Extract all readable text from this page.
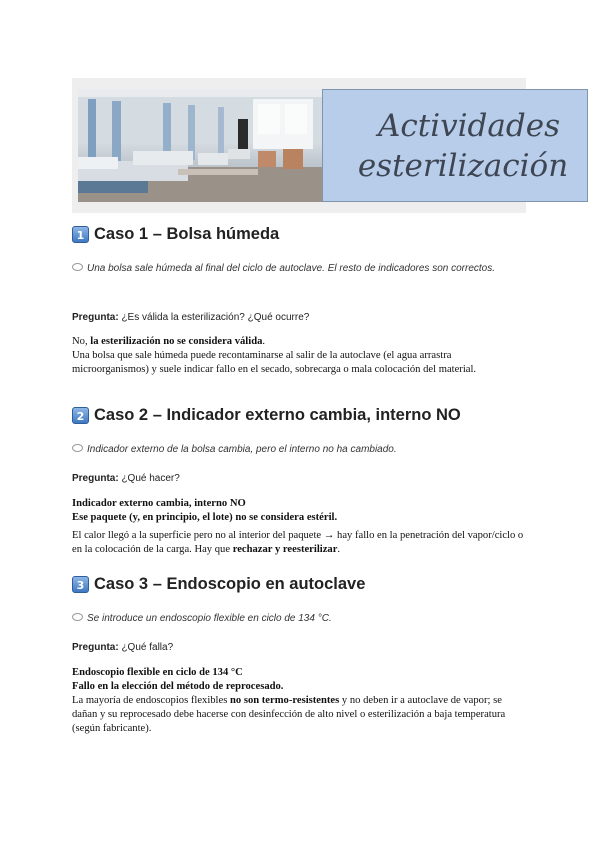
Actividades
esterilización
1 Caso 1 – Bolsa húmeda
Una bolsa sale húmeda al final del ciclo de autoclave. El resto de indicadores son correctos.
Pregunta: ¿Es válida la esterilización? ¿Qué ocurre?

No, la esterilización no se considera válida.

Una bolsa que sale húmeda puede recontaminarse al salir de la autoclave (el agua arrastra microorganismos) y suele indicar fallo en el secado, sobrecarga o mala colocación del material.

2 Caso 2 – Indicador externo cambia, interno NO
Indicador externo de la bolsa cambia, pero el interno no ha cambiado.
Pregunta: ¿Qué hacer?

Indicador externo cambia, interno NO

Ese paquete (y, en principio, el lote) no se considera estéril.

El calor llegó a la superficie pero no al interior del paquete → hay fallo en la penetración del vapor/ciclo o en la colocación de la carga. Hay que rechazar y reesterilizar.

3 Caso 3 – Endoscopio en autoclave
Se introduce un endoscopio flexible en ciclo de 134 °C.
Pregunta: ¿Qué falla?

Endoscopio flexible en ciclo de 134 °C

Fallo en la elección del método de reprocesado.

La mayoría de endoscopios flexibles no son termo-resistentes y no deben ir a autoclave de vapor; se dañan y su reprocesado debe hacerse con desinfección de alto nivel o esterilización a baja temperatura (según fabricante).
